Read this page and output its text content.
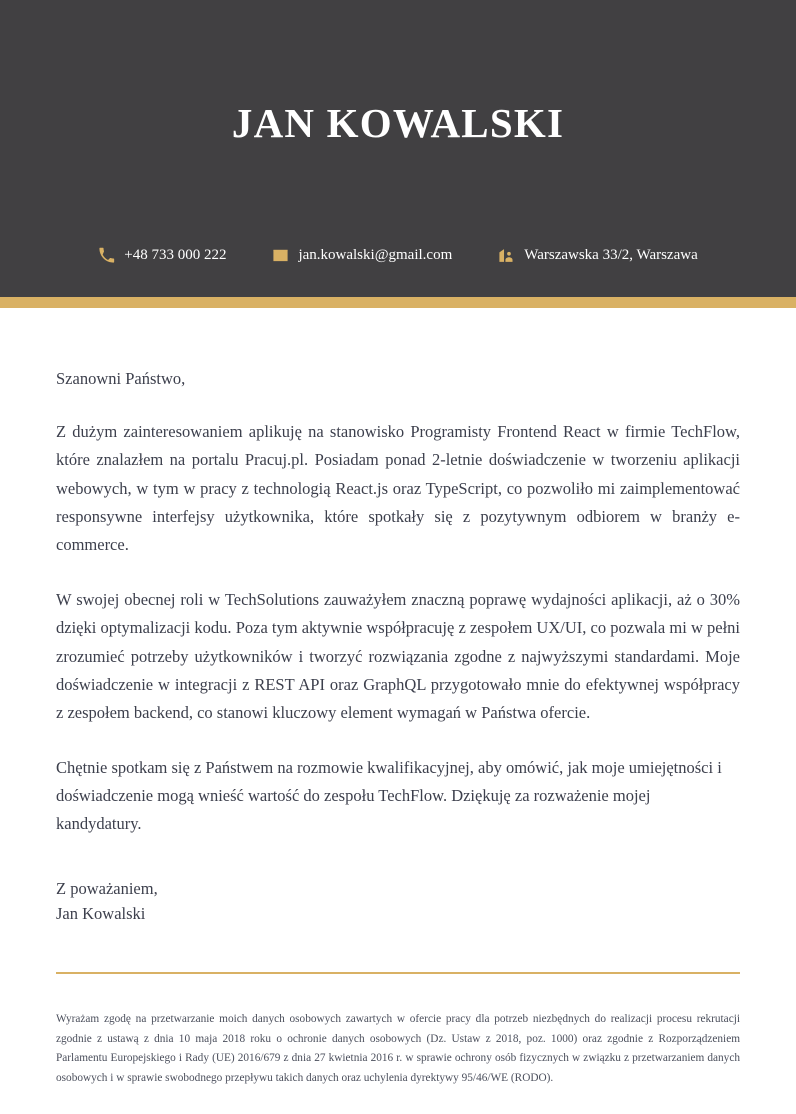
JAN KOWALSKI
+48 733 000 222	jan.kowalski@gmail.com	Warszawska 33/2, Warszawa

Szanowni Państwo,

Z dużym zainteresowaniem aplikuję na stanowisko Programisty Frontend React w firmie TechFlow, które znalazłem na portalu Pracuj.pl. Posiadam ponad 2-letnie doświadczenie w tworzeniu aplikacji webowych, w tym w pracy z technologią React.js oraz TypeScript, co pozwoliło mi zaimplementować responsywne interfejsy użytkownika, które spotkały się z pozytywnym odbiorem w branży e-commerce.

W swojej obecnej roli w TechSolutions zauważyłem znaczną poprawę wydajności aplikacji, aż o 30% dzięki optymalizacji kodu. Poza tym aktywnie współpracuję z zespołem UX/UI, co pozwala mi w pełni zrozumieć potrzeby użytkowników i tworzyć rozwiązania zgodne z najwyższymi standardami. Moje doświadczenie w integracji z REST API oraz GraphQL przygotowało mnie do efektywnej współpracy z zespołem backend, co stanowi kluczowy element wymagań w Państwa ofercie.

Chętnie spotkam się z Państwem na rozmowie kwalifikacyjnej, aby omówić, jak moje umiejętności i doświadczenie mogą wnieść wartość do zespołu TechFlow. Dziękuję za rozważenie mojej kandydatury.

Z poważaniem,
Jan Kowalski

Wyrażam zgodę na przetwarzanie moich danych osobowych zawartych w ofercie pracy dla potrzeb niezbędnych do realizacji procesu rekrutacji zgodnie z ustawą z dnia 10 maja 2018 roku o ochronie danych osobowych (Dz. Ustaw z 2018, poz. 1000) oraz zgodnie z Rozporządzeniem Parlamentu Europejskiego i Rady (UE) 2016/679 z dnia 27 kwietnia 2016 r. w sprawie ochrony osób fizycznych w związku z przetwarzaniem danych osobowych i w sprawie swobodnego przepływu takich danych oraz uchylenia dyrektywy 95/46/WE (RODO).
